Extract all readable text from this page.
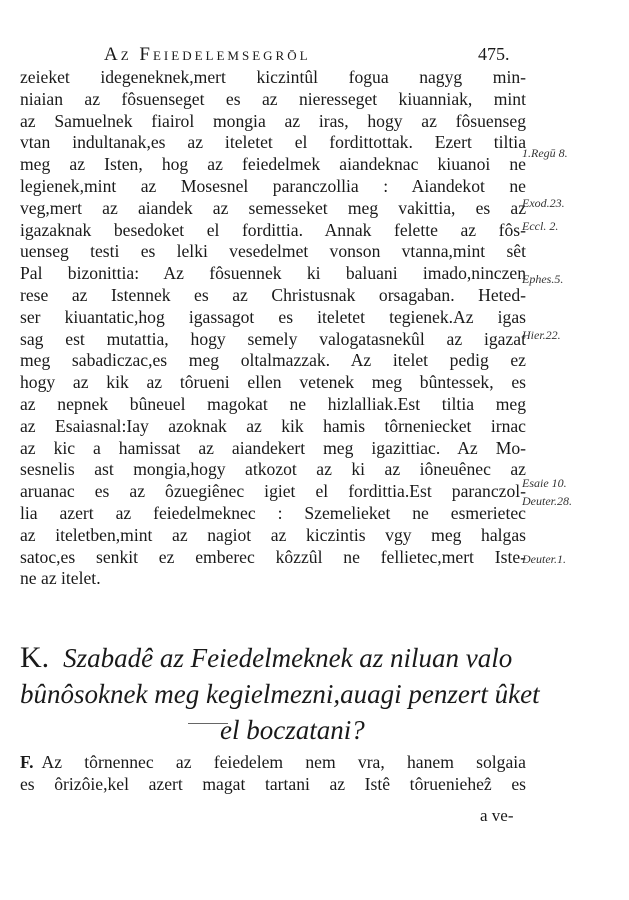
Az Feiedelemsegrōl	475.
zeieket idegeneknek,mert kiczintûl fogua nagyg min-
niaian az fôsuenseget es az nieresseget kiuanniak, mint
az Samuelnek fiairol mongia az iras, hogy az fôsuenseg
vtan indultanak,es az iteletet el fordittottak. Ezert tiltia
meg az Isten, hog az feiedelmek aiandeknac kiuanoi ne
legienek,mint az Mosesnel paranczollia : Aiandekot ne
veg,mert az aiandek az semesseket meg vakittia, es az
igazaknak besedoket el fordittia. Annak felette az fôs-
uenseg testi es lelki vesedelmet vonson vtanna,mint sêt
Pal bizonittia: Az fôsuennek ki baluani imado,ninczen
rese az Istennek es az Christusnak orsagaban. Heted-
ser kiuantatic,hog igassagot es iteletet tegienek.Az igas
sag est mutattia, hogy semely valogatasnekûl az igazat
meg sabadiczac,es meg oltalmazzak. Az itelet pedig ez
hogy az kik az tôrueni ellen vetenek meg bûntessek, es
az nepnek bûneuel magokat ne hizlalliak.Est tiltia meg
az Esaiasnal:Iay azoknak az kik hamis tôrneniecket irnac
az kic a hamissat az aiandekert meg igazittiac. Az Mo-
sesnelis ast mongia,hogy atkozot az ki az iôneuênec az
aruanac es az ôzuegiênec igiet el fordittia.Est paranczol-
lia azert az feiedelmeknec : Szemelieket ne esmerietec
az iteletben,mint az nagiot az kiczintis vgy meg halgas
satoc,es senkit ez emberec kôzzûl ne fellietec,mert Iste-
ne az itelet.
1.Regū 8.
Exod.23.
Eccl. 2.
Ephes.5.
Hier.22.
Esaie 10.
Deuter.28.
Deuter.1.
K. Szabadê az Feiedelmeknek az niluan valo
bûnôsoknek meg kegielmezni,auagi penzert ûket
el boczatani?
F. Az tôrnennec az feiedelem nem vra, hanem solgaia
es ôrizôie,kel azert magat tartani az Istê tôruenieheẑ es
a ve-
